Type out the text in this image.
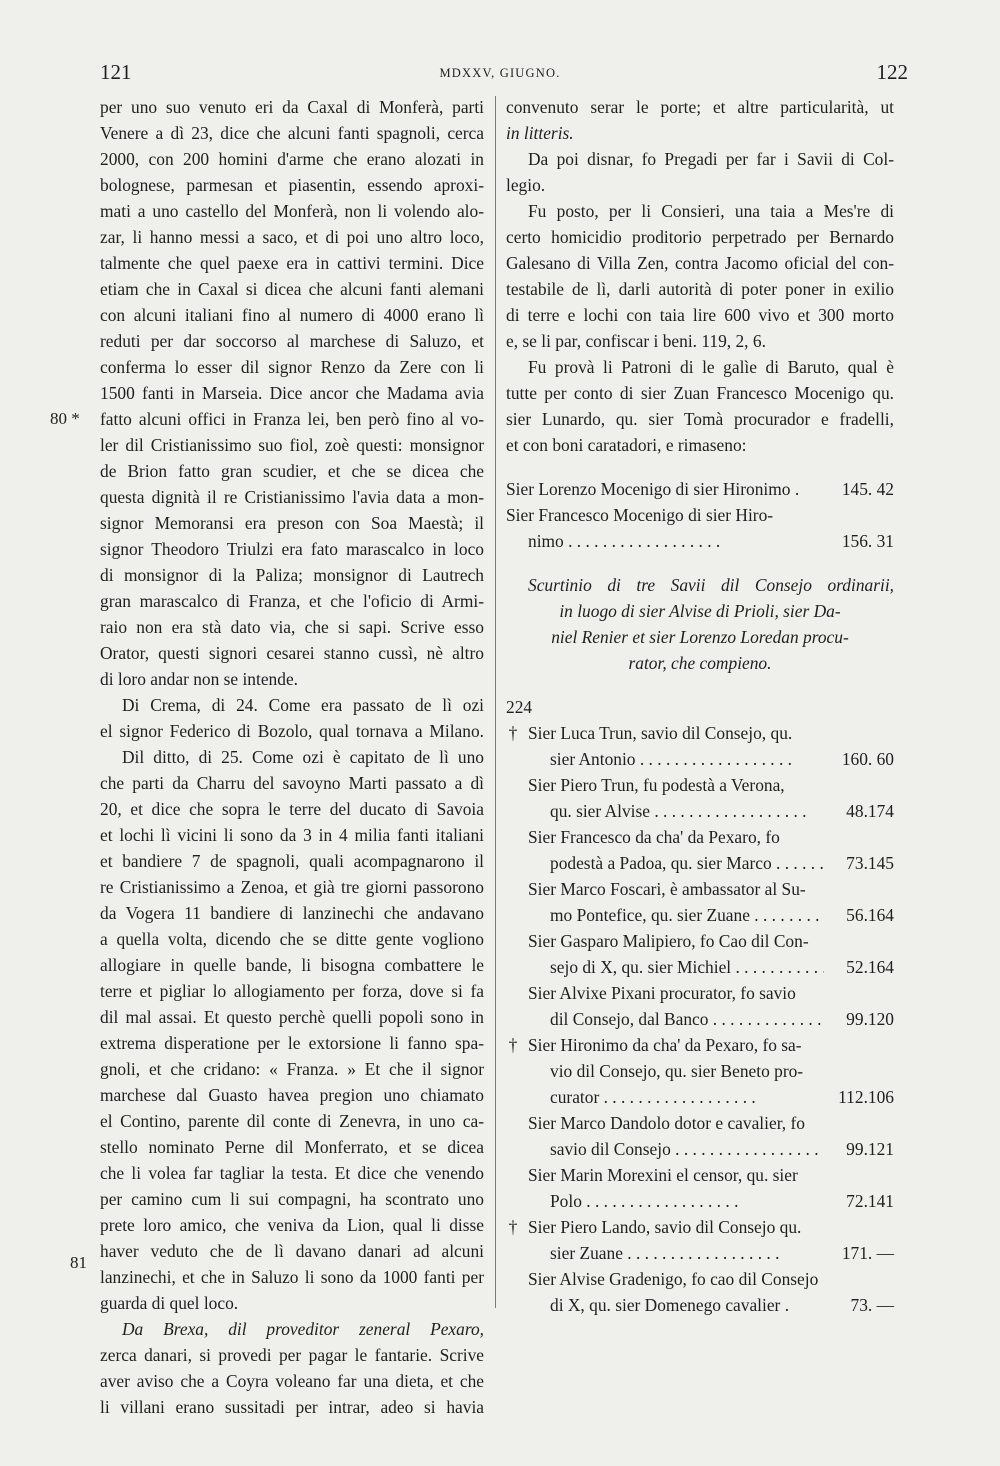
121	MDXXV, GIUGNO.	122
80 *
81
per uno suo venuto eri da Caxal di Monferà, parti
Venere a dì 23, dice che alcuni fanti spagnoli, cerca
2000, con 200 homini d'arme che erano alozati in
bolognese, parmesan et piasentin, essendo aproxi-
mati a uno castello del Monferà, non li volendo alo-
zar, li hanno messi a saco, et di poi uno altro loco,
talmente che quel paexe era in cattivi termini. Dice
etiam che in Caxal si dicea che alcuni fanti alemani
con alcuni italiani fino al numero di 4000 erano lì
reduti per dar soccorso al marchese di Saluzo, et
conferma lo esser dil signor Renzo da Zere con li
1500 fanti in Marseia. Dice ancor che Madama avia
fatto alcuni offici in Franza lei, ben però fino al vo-
ler dil Cristianissimo suo fiol, zoè questi: monsignor
de Brion fatto gran scudier, et che se dicea che
questa dignità il re Cristianissimo l'avia data a mon-
signor Memoransi era preson con Soa Maestà; il
signor Theodoro Triulzi era fato marascalco in loco
di monsignor di la Paliza; monsignor di Lautrech
gran marascalco di Franza, et che l'oficio di Armi-
raio non era stà dato via, che si sapi. Scrive esso
Orator, questi signori cesarei stanno cussì, nè altro
di loro andar non se intende.
Di Crema, di 24. Come era passato de lì ozi
el signor Federico di Bozolo, qual tornava a Milano.
Dil ditto, di 25. Come ozi è capitato de lì uno
che parti da Charru del savoyno Marti passato a dì
20, et dice che sopra le terre del ducato di Savoia
et lochi lì vicini li sono da 3 in 4 milia fanti italiani
et bandiere 7 de spagnoli, quali acompagnarono il
re Cristianissimo a Zenoa, et già tre giorni passorono
da Vogera 11 bandiere di lanzinechi che andavano
a quella volta, dicendo che se ditte gente vogliono
allogiare in quelle bande, li bisogna combattere le
terre et pigliar lo allogiamento per forza, dove si fa
dil mal assai. Et questo perchè quelli popoli sono in
extrema disperatione per le extorsione li fanno spa-
gnoli, et che cridano: « Franza. » Et che il signor
marchese dal Guasto havea pregion uno chiamato
el Contino, parente dil conte di Zenevra, in uno ca-
stello nominato Perne dil Monferrato, et se dicea
che li volea far tagliar la testa. Et dice che venendo
per camino cum li sui compagni, ha scontrato uno
prete loro amico, che veniva da Lion, qual li disse
haver veduto che de lì davano danari ad alcuni
lanzinechi, et che in Saluzo li sono da 1000 fanti per
guarda di quel loco.
Da Brexa, dil proveditor zeneral Pexaro,
zerca danari, si provedi per pagar le fantarie. Scrive
aver aviso che a Coyra voleano far una dieta, et che
li villani erano sussitadi per intrar, adeo si havia
convenuto serar le porte; et altre particularità, ut
in litteris.
Da poi disnar, fo Pregadi per far i Savii di Col-
legio.
Fu posto, per li Consieri, una taia a Mes're di
certo homicidio proditorio perpetrado per Bernardo
Galesano di Villa Zen, contra Jacomo oficial del con-
testabile de lì, darli autorità di poter poner in exilio
di terre e lochi con taia lire 600 vivo et 300 morto
e, se li par, confiscar i beni. 119, 2, 6.
Fu provà li Patroni di le galìe di Baruto, qual è
tutte per conto di sier Zuan Francesco Mocenigo qu.
sier Lunardo, qu. sier Tomà procurador e fradelli,
et con boni caratadori, e rimaseno:
Sier Lorenzo Mocenigo di sier Hironimo .	145. 42
Sier Francesco Mocenigo di sier Hiro-
nimo . . .	156. 31
Scurtinio di tre Savii dil Consejo ordinarii,
in luogo di sier Alvise di Prioli, sier Da-
niel Renier et sier Lorenzo Loredan procu-
rator, che compieno.
224
† Sier Luca Trun, savio dil Consejo, qu.
sier Antonio . . .	160. 60
Sier Piero Trun, fu podestà a Verona,
qu. sier Alvise . . .	48.174
Sier Francesco da cha' da Pexaro, fo
podestà a Padoa, qu. sier Marco . . .	73.145
Sier Marco Foscari, è ambassator al Su-
mo Pontefice, qu. sier Zuane . . .	56.164
Sier Gasparo Malipiero, fo Cao dil Con-
sejo di X, qu. sier Michiel . . .	52.164
Sier Alvixe Pixani procurator, fo savio
dil Consejo, dal Banco . . .	99.120
† Sier Hironimo da cha' da Pexaro, fo sa-
vio dil Consejo, qu. sier Beneto pro-
curator . . .	112.106
Sier Marco Dandolo dotor e cavalier, fo
savio dil Consejo . . .	99.121
Sier Marin Morexini el censor, qu. sier
Polo . . .	72.141
† Sier Piero Lando, savio dil Consejo qu.
sier Zuane . . .	171. —
Sier Alvise Gradenigo, fo cao dil Consejo
di X, qu. sier Domenego cavalier .	73. —
